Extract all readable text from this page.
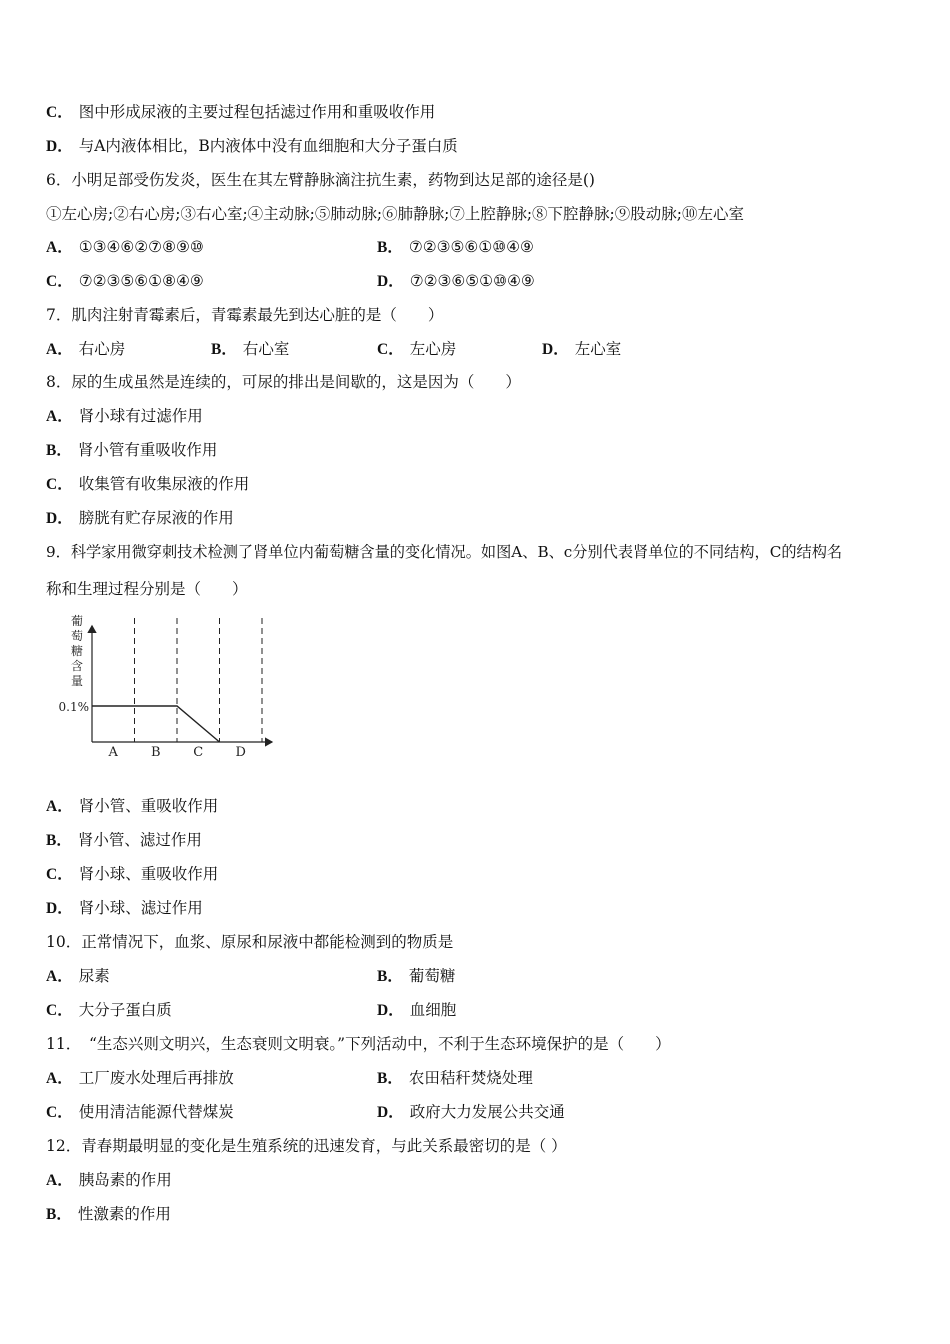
C． 图中形成尿液的主要过程包括滤过作用和重吸收作用
D． 与A内液体相比，B内液体中没有血细胞和大分子蛋白质
6．小明足部受伤发炎，医生在其左臂静脉滴注抗生素，药物到达足部的途径是()
①左心房;②右心房;③右心室;④主动脉;⑤肺动脉;⑥肺静脉;⑦上腔静脉;⑧下腔静脉;⑨股动脉;⑩左心室
A． ①③④⑥②⑦⑧⑨⑩	B． ⑦②③⑤⑥①⑩④⑨
C． ⑦②③⑤⑥①⑧④⑨	D． ⑦②③⑥⑤①⑩④⑨
7．肌肉注射青霉素后，青霉素最先到达心脏的是（　　）
A． 右心房	B． 右心室	C． 左心房	D． 左心室
8．尿的生成虽然是连续的，可尿的排出是间歇的，这是因为（　　）
A． 肾小球有过滤作用
B． 肾小管有重吸收作用
C． 收集管有收集尿液的作用
D． 膀胱有贮存尿液的作用
9．科学家用微穿刺技术检测了肾单位内葡萄糖含量的变化情况。如图A、B、c分别代表肾单位的不同结构，C的结构名
称和生理过程分别是（　　）
葡
萄
糖
含
量
0.1%
A	B	C D
A． 肾小管、重吸收作用
B． 肾小管、滤过作用
C． 肾小球、重吸收作用
D． 肾小球、滤过作用
10．正常情况下，血浆、原尿和尿液中都能检测到的物质是
A． 尿素	B． 葡萄糖
C． 大分子蛋白质	D． 血细胞
11．　“生态兴则文明兴，生态衰则文明衰。”下列活动中，不利于生态环境保护的是（　　）
A． 工厂废水处理后再排放	B． 农田秸秆焚烧处理
C． 使用清洁能源代替煤炭	D． 政府大力发展公共交通
12．青春期最明显的变化是生殖系统的迅速发育，与此关系最密切的是（ ）
A． 胰岛素的作用
B． 性激素的作用
